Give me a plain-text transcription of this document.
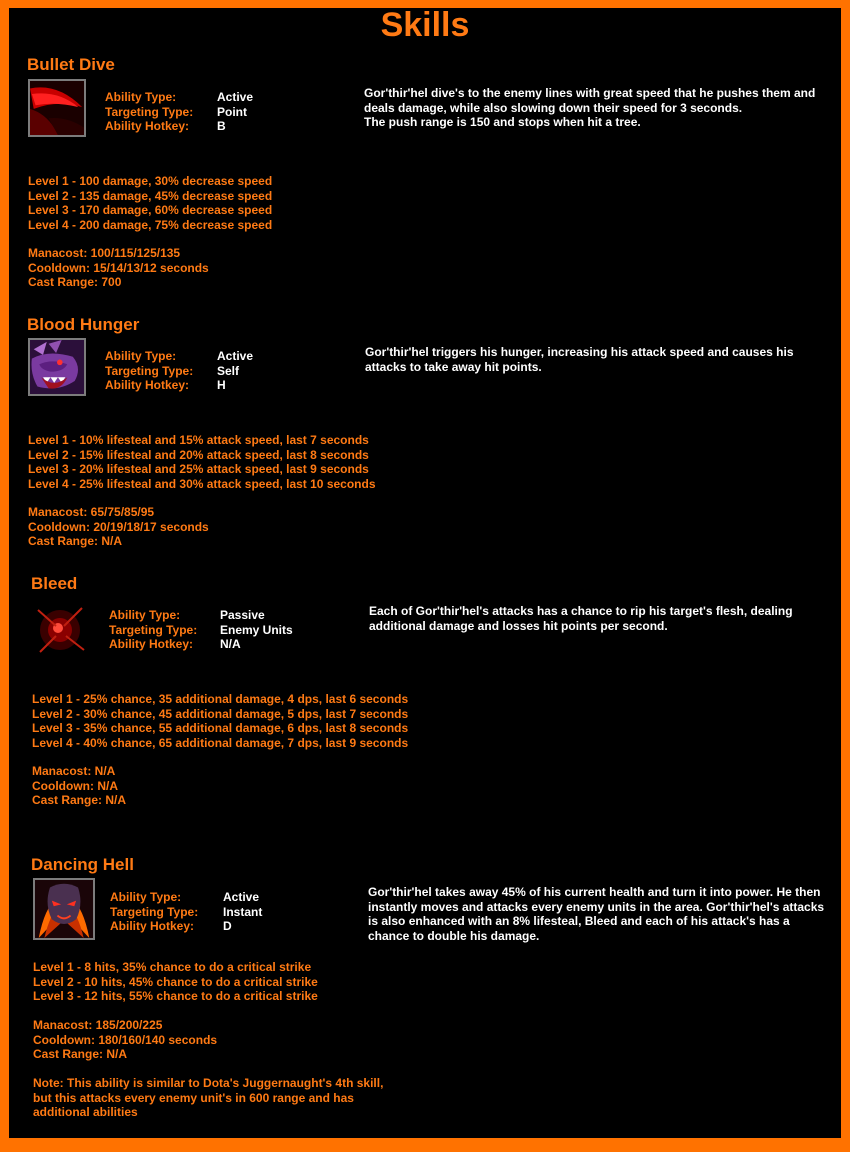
Skills
Bullet Dive
Ability Type:
Targeting Type:
Ability Hotkey:
Active
Point
B
Gor'thir'hel dive's to the enemy lines with great speed that he pushes them and deals damage, while also slowing down their speed for 3 seconds.
The push range is 150 and stops when hit a tree.
Level 1 - 100 damage, 30% decrease speed
Level 2 - 135 damage, 45% decrease speed
Level 3 - 170 damage, 60% decrease speed
Level 4 - 200 damage, 75% decrease speed
Manacost: 100/115/125/135
Cooldown: 15/14/13/12 seconds
Cast Range: 700
Blood Hunger
Ability Type:
Targeting Type:
Ability Hotkey:
Active
Self
H
Gor'thir'hel triggers his hunger, increasing his attack speed and causes his attacks to take away hit points.
Level 1 - 10% lifesteal and 15% attack speed, last 7 seconds
Level 2 - 15% lifesteal and 20% attack speed, last 8 seconds
Level 3 - 20% lifesteal and 25% attack speed, last 9 seconds
Level 4 - 25% lifesteal and 30% attack speed, last 10 seconds
Manacost: 65/75/85/95
Cooldown: 20/19/18/17 seconds
Cast Range: N/A
Bleed
Ability Type:
Targeting Type:
Ability Hotkey:
Passive
Enemy Units
N/A
Each of Gor'thir'hel's attacks has a chance to rip his target's flesh, dealing additional damage and losses hit points per second.
Level 1 - 25% chance, 35 additional damage, 4 dps, last 6 seconds
Level 2 - 30% chance, 45 additional damage, 5 dps, last 7 seconds
Level 3 - 35% chance, 55 additional damage, 6 dps, last 8 seconds
Level 4 - 40% chance, 65 additional damage, 7 dps, last 9 seconds
Manacost: N/A
Cooldown: N/A
Cast Range: N/A
Dancing Hell
Ability Type:
Targeting Type:
Ability Hotkey:
Active
Instant
D
Gor'thir'hel takes away 45% of his current health and turn it into power. He then instantly moves and attacks every enemy units in the area. Gor'thir'hel's attacks is also enhanced with an 8% lifesteal, Bleed and each of his attack's has a chance to double his damage.
Level 1 - 8 hits, 35% chance to do a critical strike
Level 2 - 10 hits, 45% chance to do a critical strike
Level 3 - 12 hits, 55% chance to do a critical strike
Manacost: 185/200/225
Cooldown: 180/160/140 seconds
Cast Range: N/A
Note: This ability is similar to Dota's Juggernaught's 4th skill, but this attacks every enemy unit's in 600 range and has additional abilities
